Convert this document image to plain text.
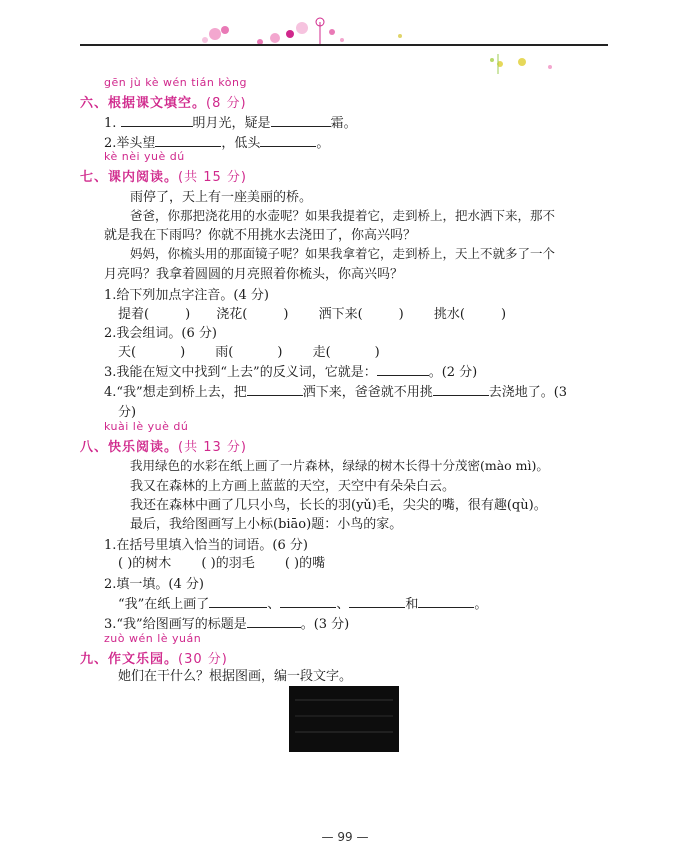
gēn jù kè wén tián kòng
六、根据课文填空。(8 分)
1.	明月光，疑是	霜。
2.举头望	，低头	。
kè nèi yuè dú
七、课内阅读。(共 15 分)
雨停了，天上有一座美丽的桥。
爸爸，你那把浇花用的水壶呢？如果我提着它，走到桥上，把水洒下来，那不
就是我在下雨吗？你就不用挑水去浇田了，你高兴吗？
妈妈，你梳头用的那面镜子呢？如果我拿着它，走到桥上，天上不就多了一个
月亮吗？我拿着圆圆的月亮照着你梳头，你高兴吗？
1.给下列加点字注音。(4 分)
提着(	) 浇花(	) 洒下来(	) 挑水(	)
2.我会组词。(6 分)
天(	) 雨(	) 走(	)
3.我能在短文中找到“上去”的反义词，它就是：	。(2 分)
4.“我”想走到桥上去，把	洒下来，爸爸就不用挑	去浇地了。(3
分)
kuài lè yuè dú
八、快乐阅读。(共 13 分)
我用绿色的水彩在纸上画了一片森林，绿绿的树木长得十分茂密(mào mì)。
我又在森林的上方画上蓝蓝的天空，天空中有朵朵白云。
我还在森林中画了几只小鸟，长长的羽(yǔ)毛，尖尖的嘴，很有趣(qù)。
最后，我给图画写上小标(biāo)题：小鸟的家。
1.在括号里填入恰当的词语。(6 分)
( )的树木 ( )的羽毛 ( )的嘴
2.填一填。(4 分)
“我”在纸上画了	、	、	和	。
3.“我”给图画写的标题是	。(3 分)
zuò wén lè yuán
九、作文乐园。(30 分)
她们在干什么？根据图画，编一段文字。
— 99 —
